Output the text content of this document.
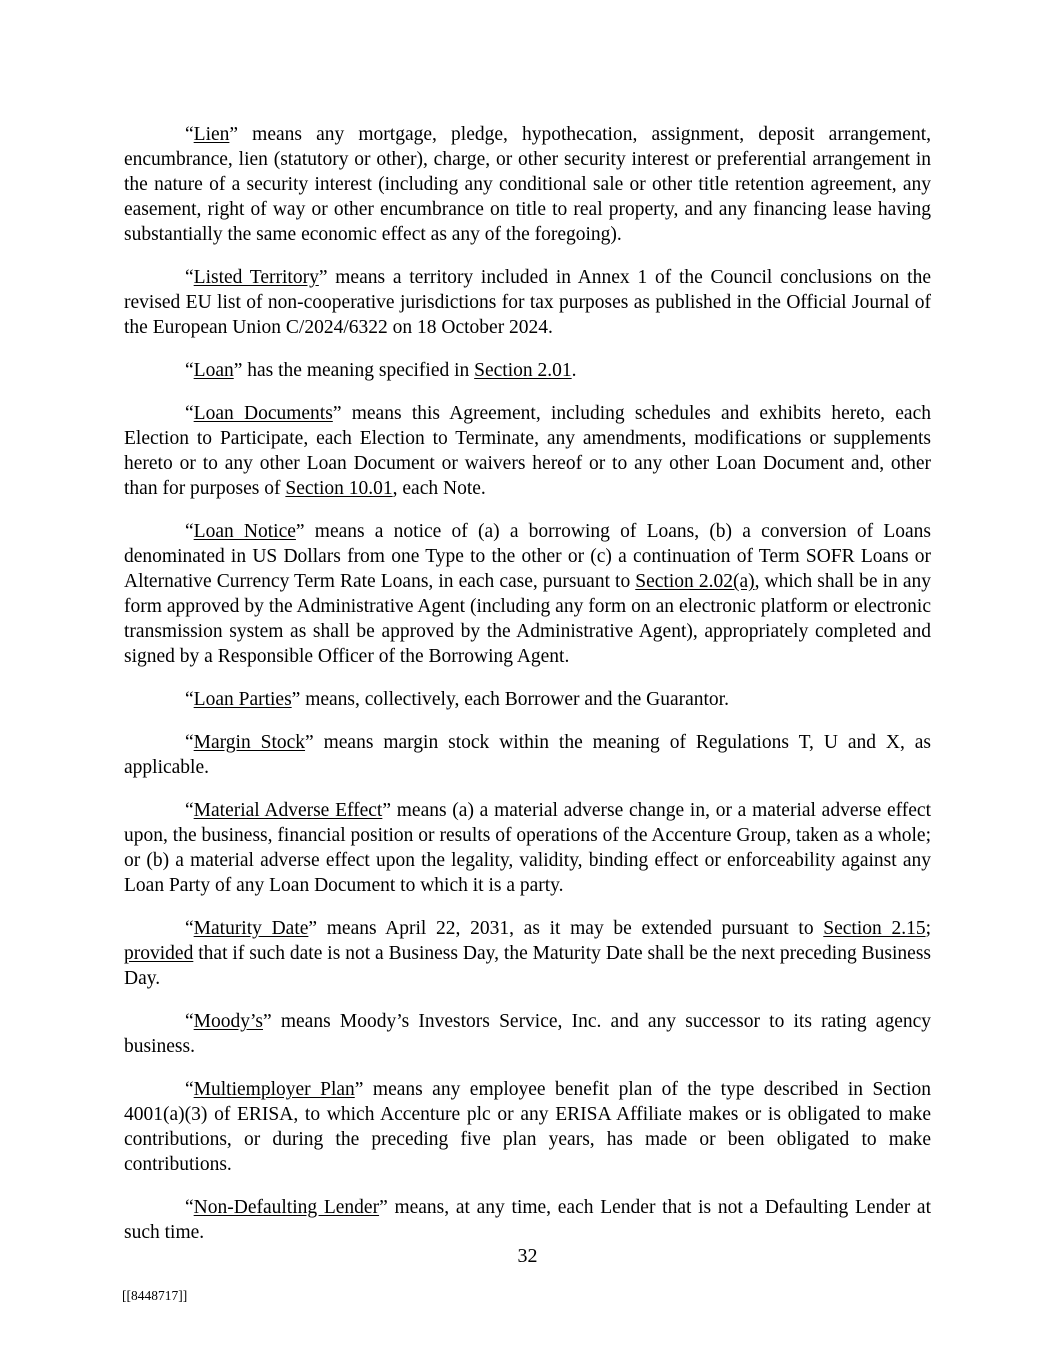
“Lien” means any mortgage, pledge, hypothecation, assignment, deposit arrangement, encumbrance, lien (statutory or other), charge, or other security interest or preferential arrangement in the nature of a security interest (including any conditional sale or other title retention agreement, any easement, right of way or other encumbrance on title to real property, and any financing lease having substantially the same economic effect as any of the foregoing).

“Listed Territory” means a territory included in Annex 1 of the Council conclusions on the revised EU list of non-cooperative jurisdictions for tax purposes as published in the Official Journal of the European Union C/2024/6322 on 18 October 2024.

“Loan” has the meaning specified in Section 2.01.

“Loan Documents” means this Agreement, including schedules and exhibits hereto, each Election to Participate, each Election to Terminate, any amendments, modifications or supplements hereto or to any other Loan Document or waivers hereof or to any other Loan Document and, other than for purposes of Section 10.01, each Note.

“Loan Notice” means a notice of (a) a borrowing of Loans, (b) a conversion of Loans denominated in US Dollars from one Type to the other or (c) a continuation of Term SOFR Loans or Alternative Currency Term Rate Loans, in each case, pursuant to Section 2.02(a), which shall be in any form approved by the Administrative Agent (including any form on an electronic platform or electronic transmission system as shall be approved by the Administrative Agent), appropriately completed and signed by a Responsible Officer of the Borrowing Agent.

“Loan Parties” means, collectively, each Borrower and the Guarantor.

“Margin Stock” means margin stock within the meaning of Regulations T, U and X, as applicable.

“Material Adverse Effect” means (a) a material adverse change in, or a material adverse effect upon, the business, financial position or results of operations of the Accenture Group, taken as a whole; or (b) a material adverse effect upon the legality, validity, binding effect or enforceability against any Loan Party of any Loan Document to which it is a party.

“Maturity Date” means April 22, 2031, as it may be extended pursuant to Section 2.15; provided that if such date is not a Business Day, the Maturity Date shall be the next preceding Business Day.

“Moody’s” means Moody’s Investors Service, Inc. and any successor to its rating agency business.

“Multiemployer Plan” means any employee benefit plan of the type described in Section 4001(a)(3) of ERISA, to which Accenture plc or any ERISA Affiliate makes or is obligated to make contributions, or during the preceding five plan years, has made or been obligated to make contributions.

“Non-Defaulting Lender” means, at any time, each Lender that is not a Defaulting Lender at such time.

32
[[8448717]]
